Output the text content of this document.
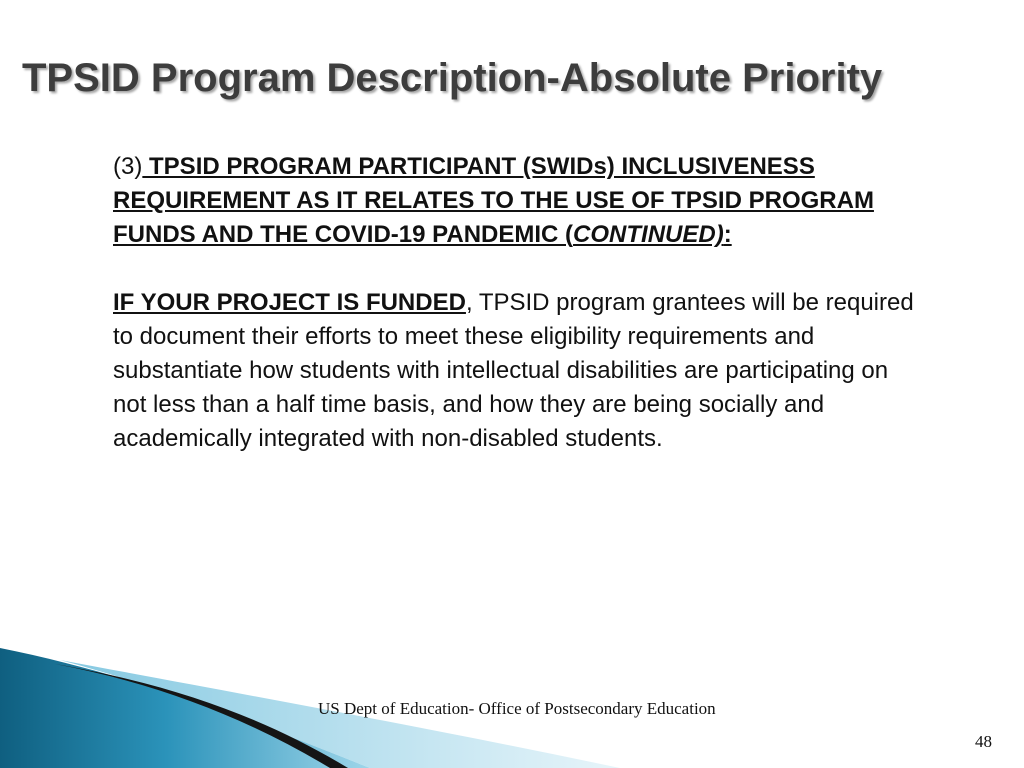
TPSID Program Description-Absolute Priority

(3) TPSID PROGRAM PARTICIPANT (SWIDs) INCLUSIVENESS REQUIREMENT AS IT RELATES TO THE USE OF TPSID PROGRAM FUNDS AND THE COVID-19 PANDEMIC (CONTINUED):

IF YOUR PROJECT IS FUNDED, TPSID program grantees will be required to document their efforts to meet these eligibility requirements and substantiate how students with intellectual disabilities are participating on not less than a half time basis, and how they are being socially and academically integrated with non-disabled students.

US Dept of Education- Office of Postsecondary Education
48
